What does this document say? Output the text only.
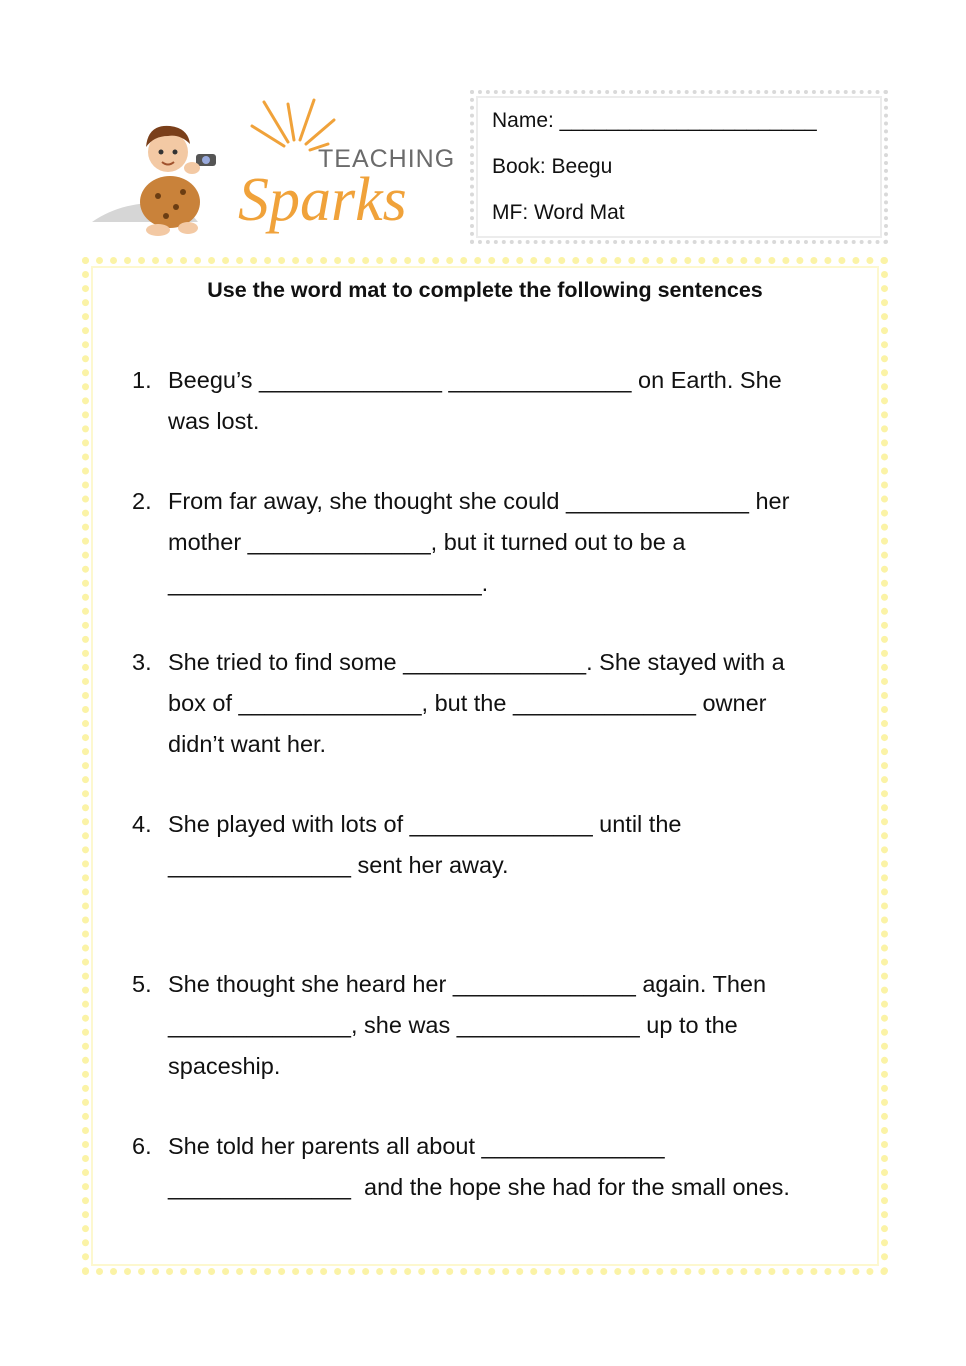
TEACHING
Sparks
Name: ______________________
Book: Beegu
MF: Word Mat
Use the word mat to complete the following sentences
1. Beegu’s ______________ ______________ on Earth. She
was lost.
2. From far away, she thought she could ______________ her
mother ______________, but it turned out to be a
________________________.
3. She tried to find some ______________. She stayed with a
box of ______________, but the ______________ owner
didn’t want her.
4. She played with lots of ______________ until the
______________ sent her away.
5. She thought she heard her ______________ again. Then
______________, she was ______________ up to the
spaceship.
6. She told her parents all about ______________
______________  and the hope she had for the small ones.
